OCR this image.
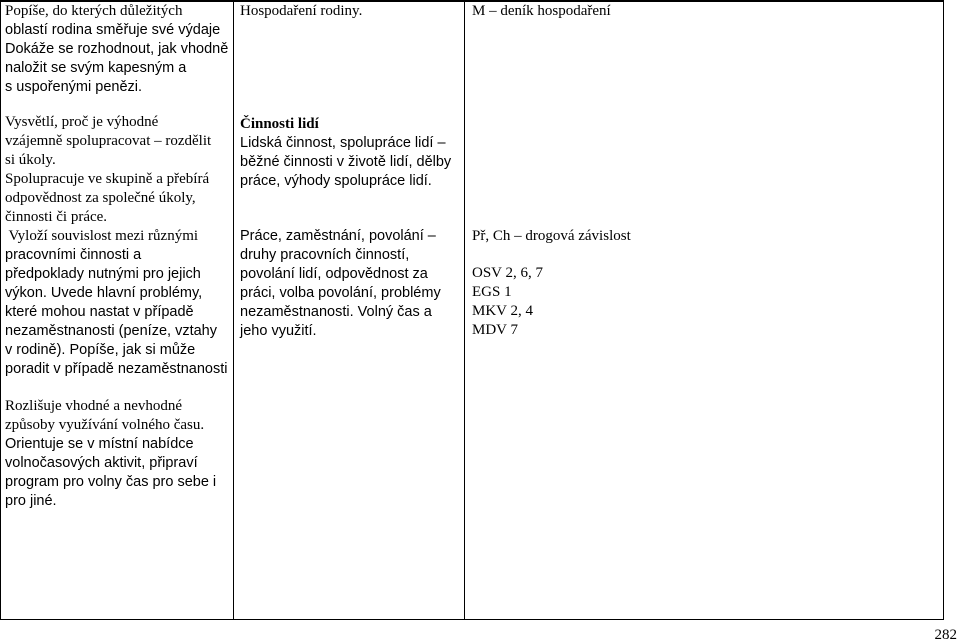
Popíše, do kterých důležitých
oblastí rodina směřuje své výdaje
Dokáže se rozhodnout, jak vhodně
naložit se svým kapesným a
s uspořenými penězi.
Vysvětlí, proč je výhodné
vzájemně spolupracovat – rozdělit
si úkoly.
Spolupracuje ve skupině a přebírá
odpovědnost za společné úkoly,
činnosti či práce.
Vyloží souvislost mezi různými
pracovními činnosti a
předpoklady nutnými pro jejich
výkon. Uvede hlavní problémy,
které mohou nastat v případě
nezaměstnanosti (peníze, vztahy
v rodině). Popíše, jak si může
poradit v případě nezaměstnanosti
Rozlišuje vhodné a nevhodné
způsoby využívání volného času.
Orientuje se v místní nabídce
volnočasových aktivit, připraví
program pro volny čas pro sebe i
pro jiné.
Hospodaření rodiny.
Činnosti lidí
Lidská činnost, spolupráce lidí –
běžné činnosti v životě lidí, dělby
práce, výhody spolupráce lidí.
Práce, zaměstnání, povolání –
druhy pracovních činností,
povolání lidí, odpovědnost za
práci, volba povolání, problémy
nezaměstnanosti. Volný čas a
jeho využití.
M – deník hospodaření
Př, Ch – drogová závislost
OSV 2, 6, 7
EGS 1
MKV 2, 4
MDV 7
282
